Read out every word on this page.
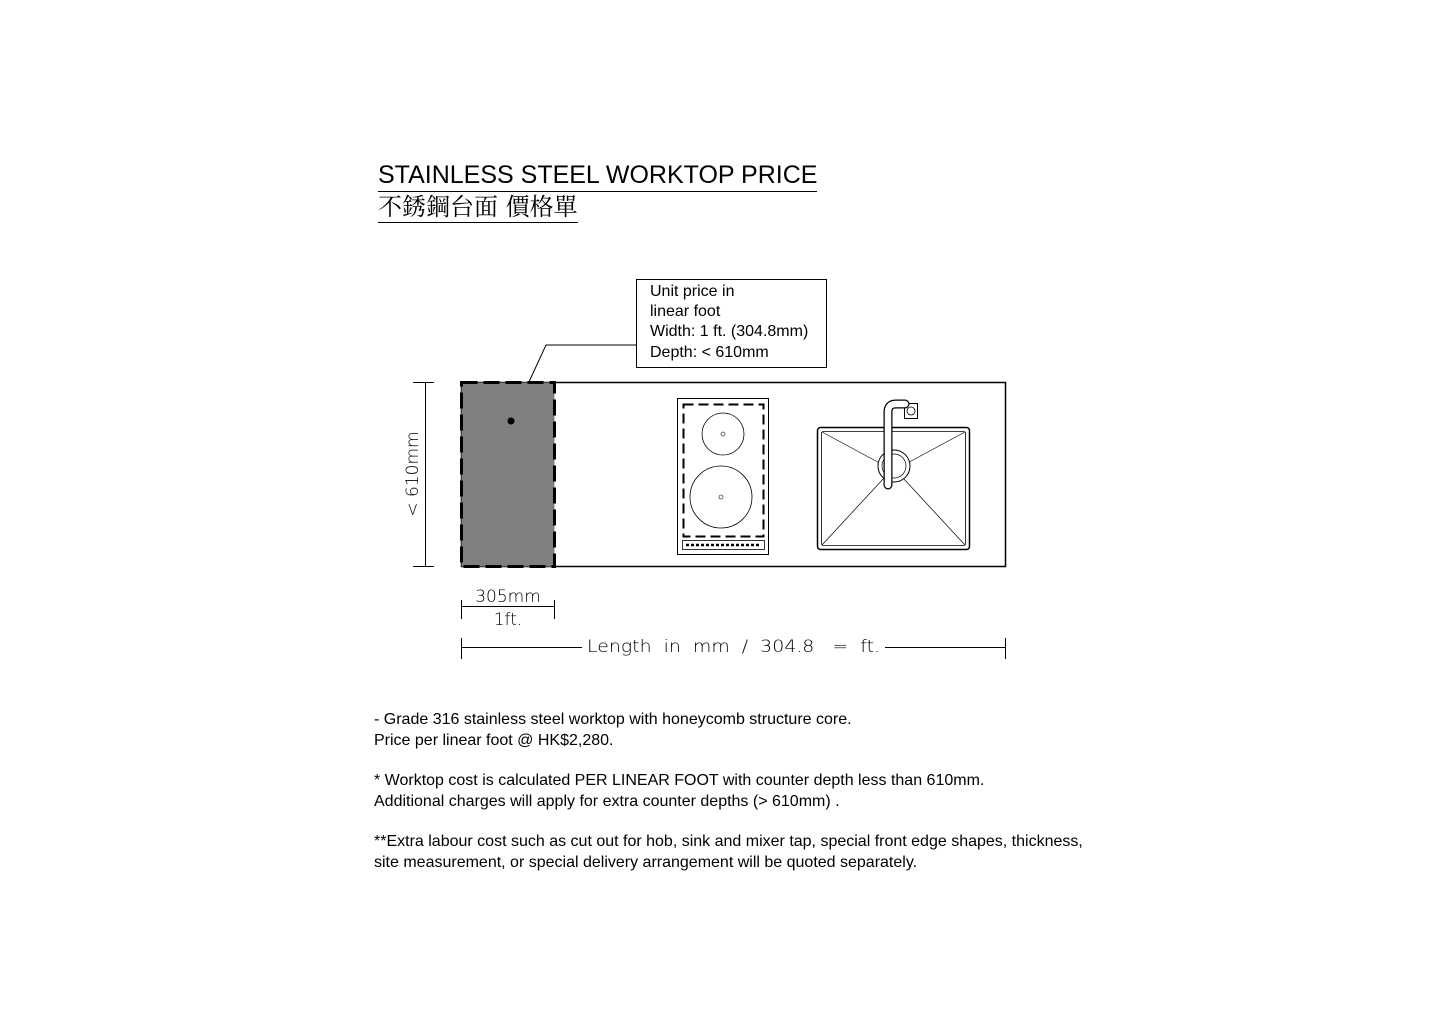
STAINLESS STEEL WORKTOP PRICE
不銹鋼台面 價格單
Unit price in
linear foot
Width: 1 ft. (304.8mm)
Depth: < 610mm
< 610mm
305mm
1ft.
Length  in  mm  /  304.8   =  ft.

- Grade 316 stainless steel worktop with honeycomb structure core.
Price per linear foot @ HK$2,280.

* Worktop cost is calculated PER LINEAR FOOT with counter depth less than 610mm.
Additional charges will apply for extra counter depths (> 610mm) .

**Extra labour cost such as cut out for hob, sink and mixer tap, special front edge shapes, thickness,
site measurement, or special delivery arrangement will be quoted separately.
